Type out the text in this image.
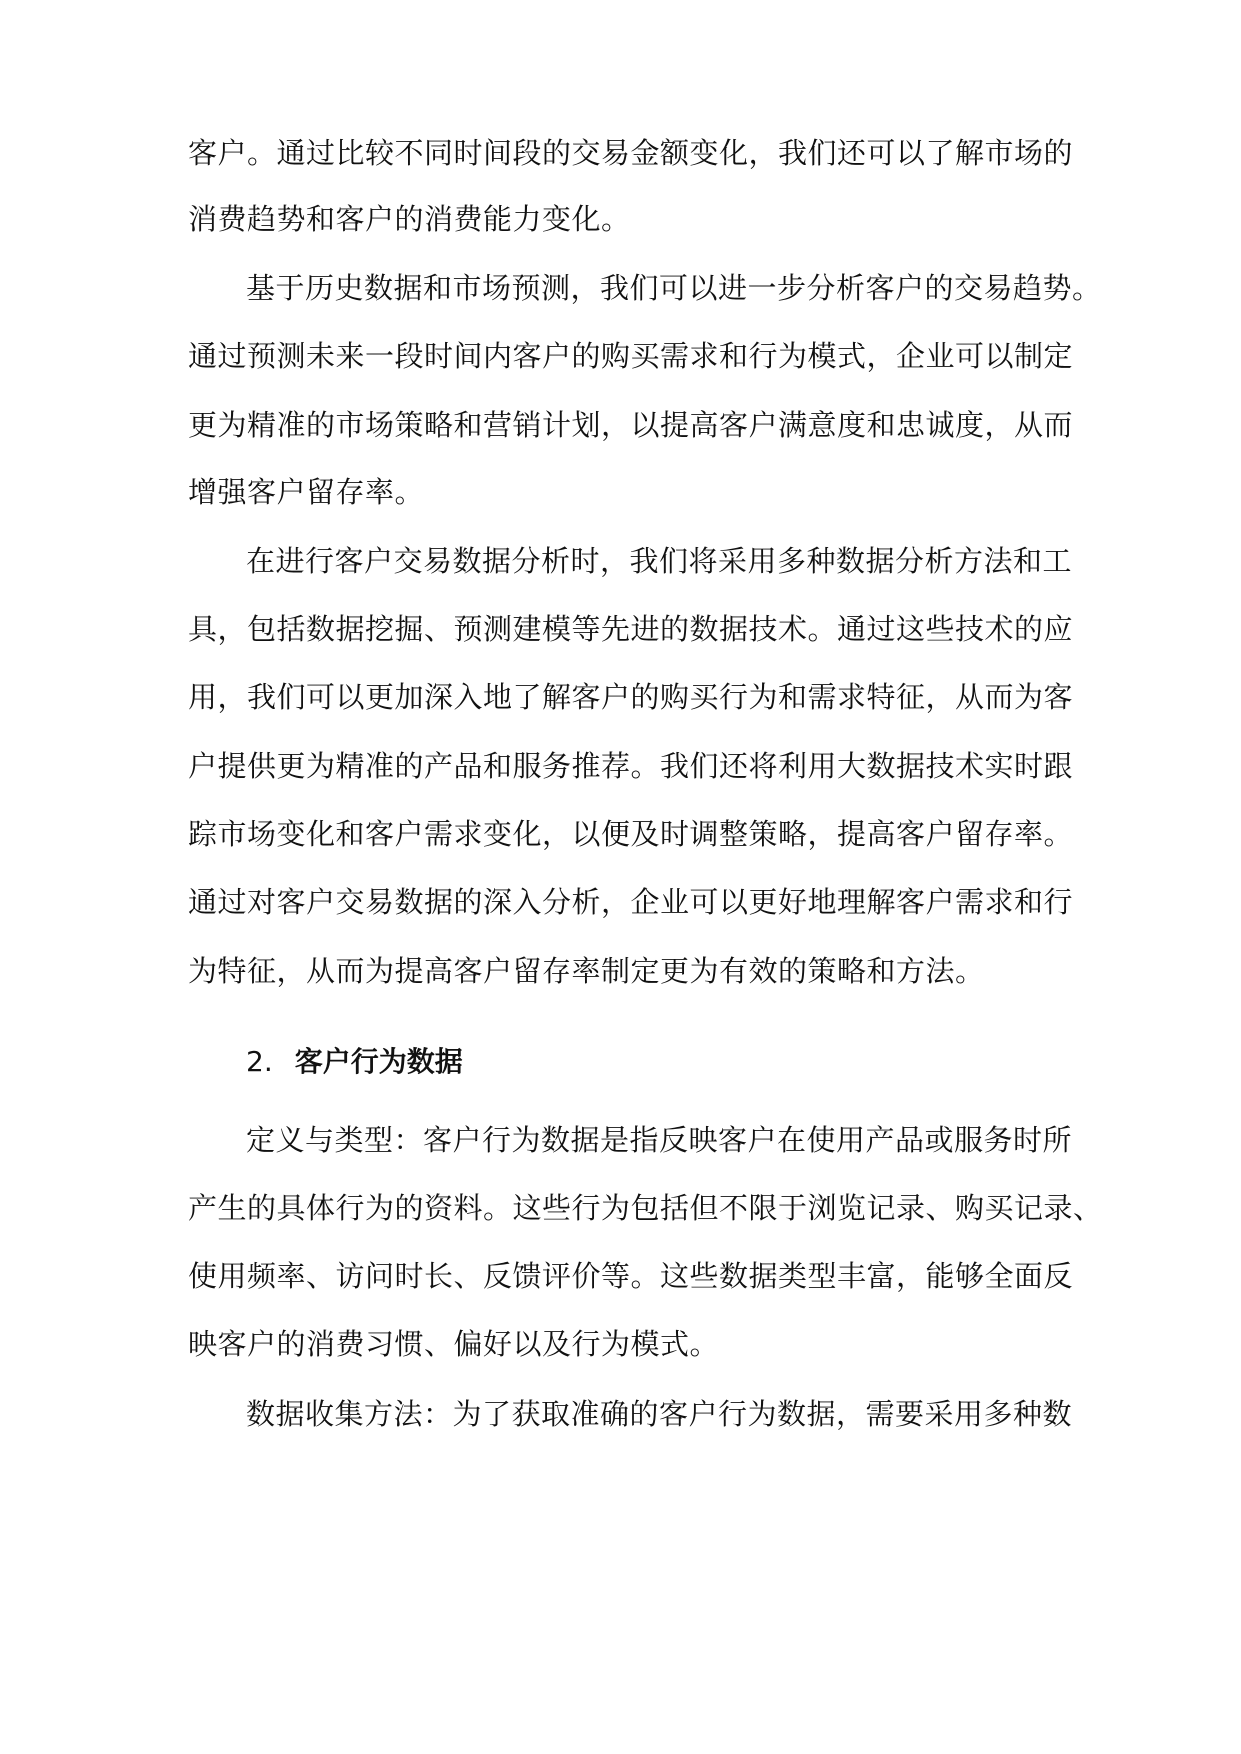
客户。通过比较不同时间段的交易金额变化，我们还可以了解市场的

消费趋势和客户的消费能力变化。

基于历史数据和市场预测，我们可以进一步分析客户的交易趋势。

通过预测未来一段时间内客户的购买需求和行为模式，企业可以制定

更为精准的市场策略和营销计划，以提高客户满意度和忠诚度，从而

增强客户留存率。

在进行客户交易数据分析时，我们将采用多种数据分析方法和工

具，包括数据挖掘、预测建模等先进的数据技术。通过这些技术的应

用，我们可以更加深入地了解客户的购买行为和需求特征，从而为客

户提供更为精准的产品和服务推荐。我们还将利用大数据技术实时跟

踪市场变化和客户需求变化，以便及时调整策略，提高客户留存率。

通过对客户交易数据的深入分析，企业可以更好地理解客户需求和行

为特征，从而为提高客户留存率制定更为有效的策略和方法。

2. 客户行为数据

定义与类型：客户行为数据是指反映客户在使用产品或服务时所

产生的具体行为的资料。这些行为包括但不限于浏览记录、购买记录、

使用频率、访问时长、反馈评价等。这些数据类型丰富，能够全面反

映客户的消费习惯、偏好以及行为模式。

数据收集方法：为了获取准确的客户行为数据，需要采用多种数
